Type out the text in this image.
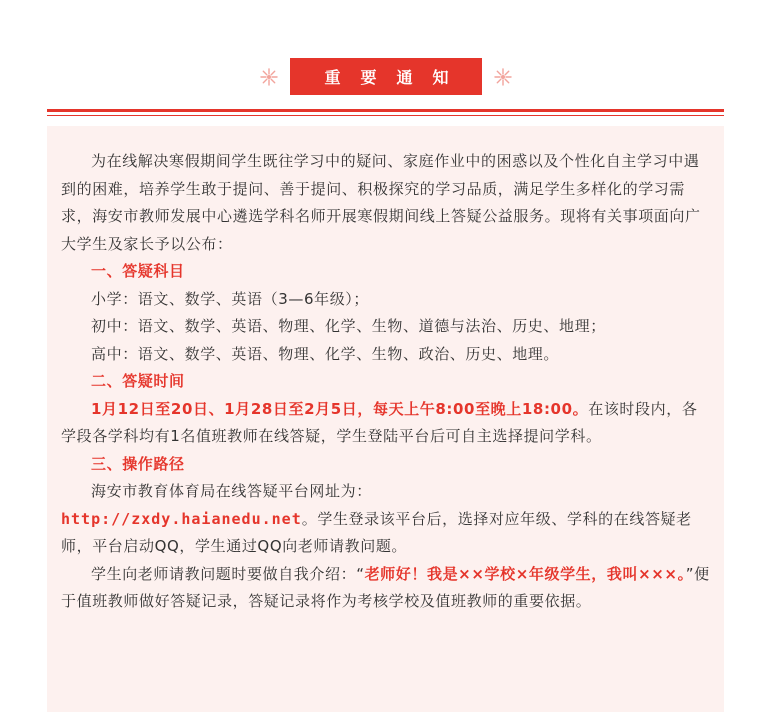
重要通知

为在线解决寒假期间学生既往学习中的疑问、家庭作业中的困惑以及个性化自主学习中遇到的困难，培养学生敢于提问、善于提问、积极探究的学习品质，满足学生多样化的学习需求，海安市教师发展中心遴选学科名师开展寒假期间线上答疑公益服务。现将有关事项面向广大学生及家长予以公布：

一、答疑科目

小学：语文、数学、英语（3—6年级）；

初中：语文、数学、英语、物理、化学、生物、道德与法治、历史、地理；

高中：语文、数学、英语、物理、化学、生物、政治、历史、地理。

二、答疑时间

1月12日至20日、1月28日至2月5日，每天上午8:00至晚上18:00。在该时段内，各学段各学科均有1名值班教师在线答疑，学生登陆平台后可自主选择提问学科。

三、操作路径

海安市教育体育局在线答疑平台网址为：

http://zxdy.haianedu.net。学生登录该平台后，选择对应年级、学科的在线答疑老师，平台启动QQ，学生通过QQ向老师请教问题。

学生向老师请教问题时要做自我介绍：“老师好！我是××学校×年级学生，我叫×××。”便于值班教师做好答疑记录，答疑记录将作为考核学校及值班教师的重要依据。
